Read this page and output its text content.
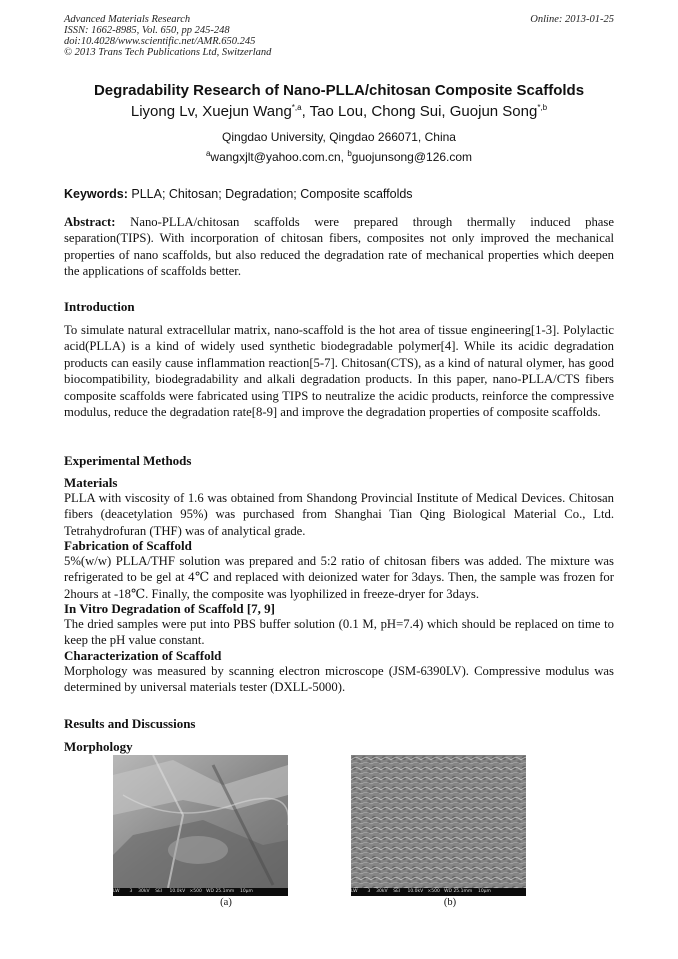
Advanced Materials Research
ISSN: 1662-8985, Vol. 650, pp 245-248
doi:10.4028/www.scientific.net/AMR.650.245
© 2013 Trans Tech Publications Ltd, Switzerland
Online: 2013-01-25
Degradability Research of Nano-PLLA/chitosan Composite Scaffolds
Liyong Lv, Xuejun Wang$^{*,a}$, Tao Lou, Chong Sui, Guojun Song$^{*,b}$
Qingdao University, Qingdao 266071, China
$^a$wangxjlt@yahoo.com.cn, $^b$guojunsong@126.com
Keywords: PLLA; Chitosan; Degradation; Composite scaffolds
Abstract: Nano-PLLA/chitosan scaffolds were prepared through thermally induced phase separation(TIPS). With incorporation of chitosan fibers, composites not only improved the mechanical properties of nano scaffolds, but also reduced the degradation rate of mechanical properties which deepen the applications of scaffolds better.
Introduction
To simulate natural extracellular matrix, nano-scaffold is the hot area of tissue engineering[1-3]. Polylactic acid(PLLA) is a kind of widely used synthetic biodegradable polymer[4]. While its acidic degradation products can easily cause inflammation reaction[5-7]. Chitosan(CTS), as a kind of natural olymer, has good biocompatibility, biodegradability and alkali degradation products. In this paper, nano-PLLA/CTS fibers composite scaffolds were fabricated using TIPS to neutralize the acidic products, reinforce the compressive modulus, reduce the degradation rate[8-9] and improve the degradation properties of composite scaffolds.
Experimental Methods
Materials
PLLA with viscosity of 1.6 was obtained from Shandong Provincial Institute of Medical Devices. Chitosan fibers (deacetylation 95%) was purchased from Shanghai Tian Qing Biological Material Co., Ltd. Tetrahydrofuran (THF) was of analytical grade.
Fabrication of Scaffold
5%(w/w) PLLA/THF solution was prepared and 5:2 ratio of chitosan fibers was added. The mixture was refrigerated to be gel at 4℃ and replaced with deionized water for 3days. Then, the sample was frozen for 2hours at -18℃. Finally, the composite was lyophilized in freeze-dryer for 3days.
In Vitro Degradation of Scaffold [7, 9]
The dried samples were put into PBS buffer solution (0.1 M, pH=7.4) which should be replaced on time to keep the pH value constant.
Characterization of Scaffold
Morphology was measured by scanning electron microscope (JSM-6390LV). Compressive modulus was determined by universal materials tester (DXLL-5000).
Results and Discussions
Morphology
LW       3    30kV    SEI     10.0kV   ×500   WD 25.1mm    10μm
(a)
LW       3    30kV    SEI     10.0kV   ×500   WD 25.1mm    10μm
(b)
